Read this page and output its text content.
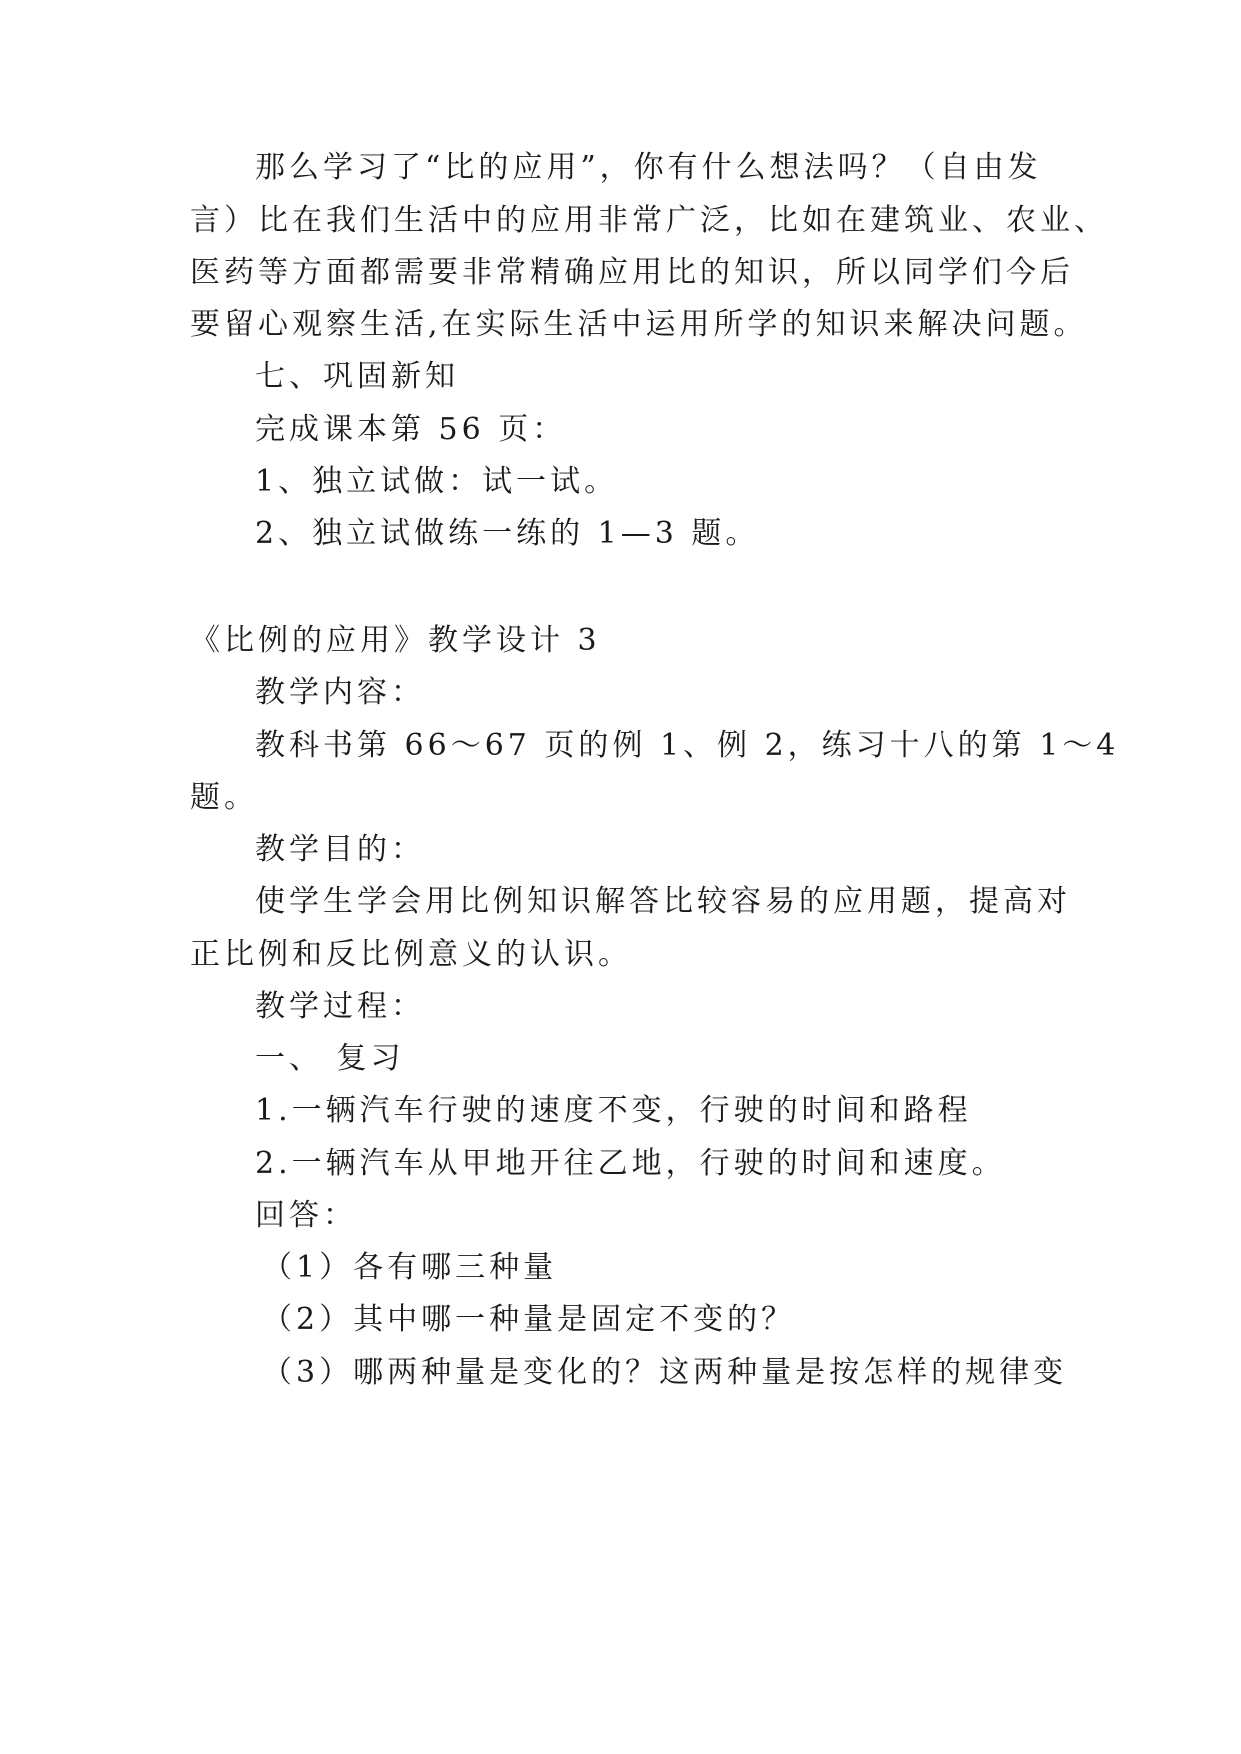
那么学习了“比的应用”，你有什么想法吗？（自由发
言）比在我们生活中的应用非常广泛，比如在建筑业、农业、
医药等方面都需要非常精确应用比的知识，所以同学们今后
要留心观察生活,在实际生活中运用所学的知识来解决问题。
七、巩固新知
完成课本第 56 页：
1、独立试做：试一试。
2、独立试做练一练的 1—3 题。
《比例的应用》教学设计 3
教学内容：
教科书第 66～67 页的例 1、例 2，练习十八的第 1～4
题。
教学目的：
使学生学会用比例知识解答比较容易的应用题，提高对
正比例和反比例意义的认识。
教学过程：
一、 复习
1.一辆汽车行驶的速度不变，行驶的时间和路程
2.一辆汽车从甲地开往乙地，行驶的时间和速度。
回答：
（1）各有哪三种量
（2）其中哪一种量是固定不变的？
（3）哪两种量是变化的？这两种量是按怎样的规律变
